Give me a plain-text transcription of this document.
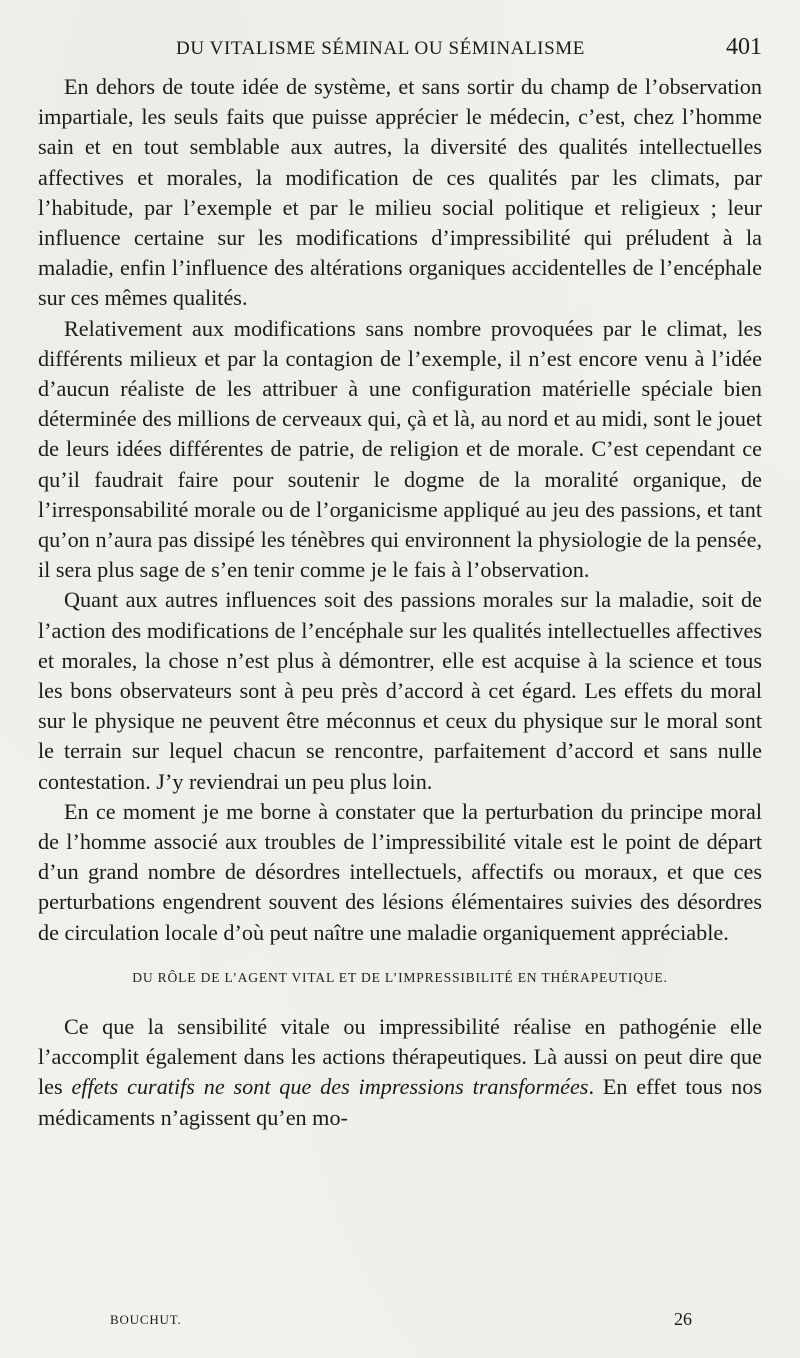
DU VITALISME SÉMINAL OU SÉMINALISME	401

En dehors de toute idée de système, et sans sortir du champ de l’observation impartiale, les seuls faits que puisse apprécier le médecin, c’est, chez l’homme sain et en tout semblable aux autres, la diversité des qualités intellectuelles affectives et morales, la modification de ces qualités par les climats, par l’habitude, par l’exemple et par le milieu social politique et religieux ; leur influence certaine sur les modifications d’impressibilité qui préludent à la maladie, enfin l’influence des altérations organiques accidentelles de l’encéphale sur ces mêmes qualités.

Relativement aux modifications sans nombre provoquées par le climat, les différents milieux et par la contagion de l’exemple, il n’est encore venu à l’idée d’aucun réaliste de les attribuer à une configuration matérielle spéciale bien déterminée des millions de cerveaux qui, çà et là, au nord et au midi, sont le jouet de leurs idées différentes de patrie, de religion et de morale. C’est cependant ce qu’il faudrait faire pour soutenir le dogme de la moralité organique, de l’irresponsabilité morale ou de l’organicisme appliqué au jeu des passions, et tant qu’on n’aura pas dissipé les ténèbres qui environnent la physiologie de la pensée, il sera plus sage de s’en tenir comme je le fais à l’observation.

Quant aux autres influences soit des passions morales sur la maladie, soit de l’action des modifications de l’encéphale sur les qualités intellectuelles affectives et morales, la chose n’est plus à démontrer, elle est acquise à la science et tous les bons observateurs sont à peu près d’accord à cet égard. Les effets du moral sur le physique ne peuvent être méconnus et ceux du physique sur le moral sont le terrain sur lequel chacun se rencontre, parfaitement d’accord et sans nulle contestation. J’y reviendrai un peu plus loin.

En ce moment je me borne à constater que la perturbation du principe moral de l’homme associé aux troubles de l’impressibilité vitale est le point de départ d’un grand nombre de désordres intellectuels, affectifs ou moraux, et que ces perturbations engendrent souvent des lésions élémentaires suivies des désordres de circulation locale d’où peut naître une maladie organiquement appréciable.

DU RÔLE DE L’AGENT VITAL ET DE L’IMPRESSIBILITÉ EN THÉRAPEUTIQUE.

Ce que la sensibilité vitale ou impressibilité réalise en pathogénie elle l’accomplit également dans les actions thérapeutiques. Là aussi on peut dire que les effets curatifs ne sont que des impressions transformées. En effet tous nos médicaments n’agissent qu’en mo-

BOUCHUT.	26
